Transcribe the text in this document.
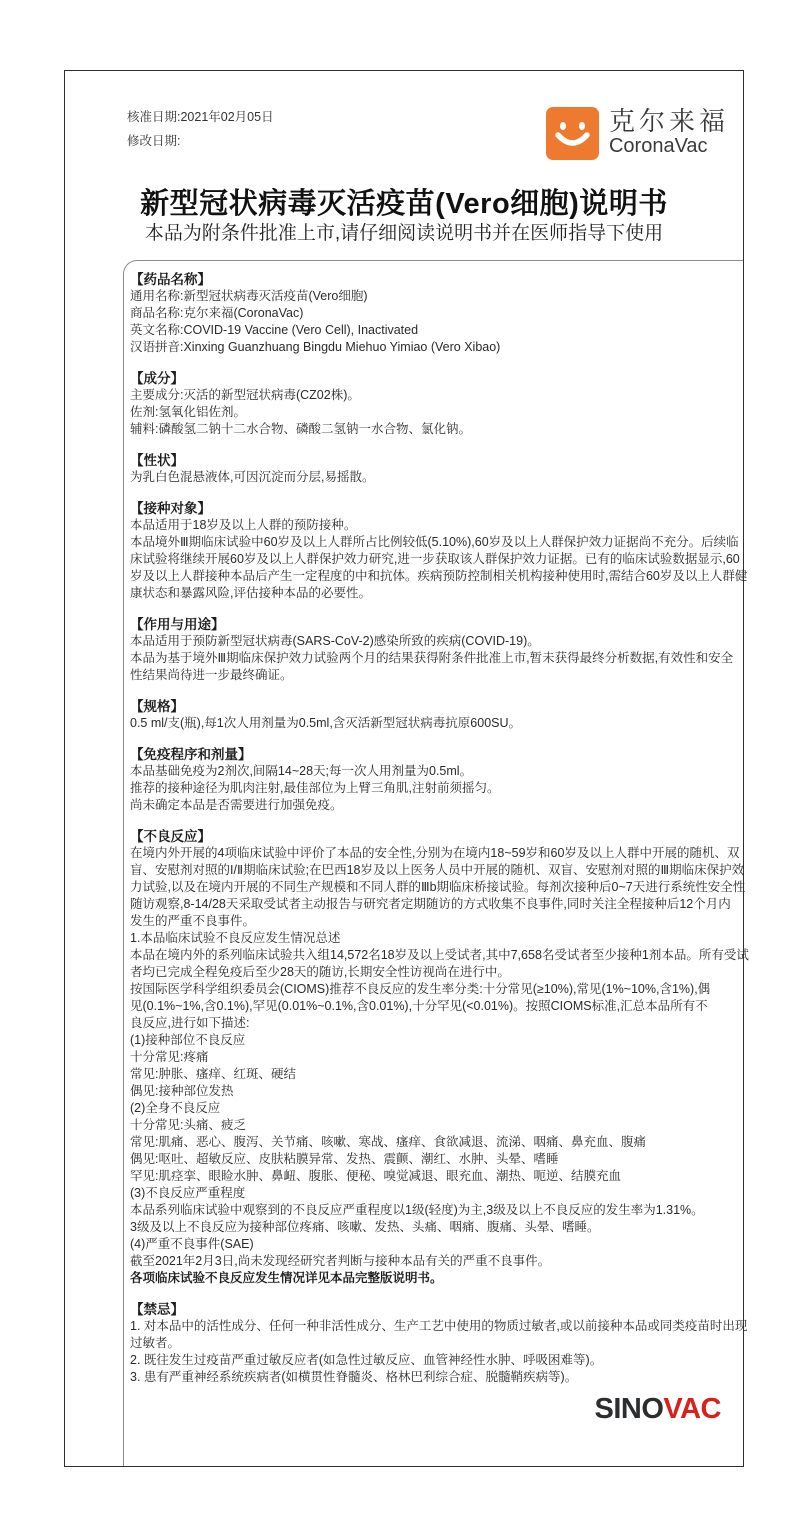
核准日期:2021年02月05日
修改日期:
克尔来福
CoronaVac
新型冠状病毒灭活疫苗(Vero细胞)说明书
本品为附条件批准上市,请仔细阅读说明书并在医师指导下使用
【药品名称】
通用名称:新型冠状病毒灭活疫苗(Vero细胞)
商品名称:克尔来福(CoronaVac)
英文名称:COVID-19 Vaccine (Vero Cell), Inactivated
汉语拼音:Xinxing Guanzhuang Bingdu Miehuo Yimiao (Vero Xibao)
【成分】
主要成分:灭活的新型冠状病毒(CZ02株)。
佐剂:氢氧化铝佐剂。
辅料:磷酸氢二钠十二水合物、磷酸二氢钠一水合物、氯化钠。
【性状】
为乳白色混悬液体,可因沉淀而分层,易摇散。
【接种对象】
本品适用于18岁及以上人群的预防接种。
本品境外Ⅲ期临床试验中60岁及以上人群所占比例较低(5.10%),60岁及以上人群保护效力证据尚不充分。后续临
床试验将继续开展60岁及以上人群保护效力研究,进一步获取该人群保护效力证据。已有的临床试验数据显示,60
岁及以上人群接种本品后产生一定程度的中和抗体。疾病预防控制相关机构接种使用时,需结合60岁及以上人群健
康状态和暴露风险,评估接种本品的必要性。
【作用与用途】
本品适用于预防新型冠状病毒(SARS-CoV-2)感染所致的疾病(COVID-19)。
本品为基于境外Ⅲ期临床保护效力试验两个月的结果获得附条件批准上市,暂未获得最终分析数据,有效性和安全
性结果尚待进一步最终确证。
【规格】
0.5 ml/支(瓶),每1次人用剂量为0.5ml,含灭活新型冠状病毒抗原600SU。
【免疫程序和剂量】
本品基础免疫为2剂次,间隔14~28天;每一次人用剂量为0.5ml。
推荐的接种途径为肌肉注射,最佳部位为上臂三角肌,注射前须摇匀。
尚未确定本品是否需要进行加强免疫。
【不良反应】
在境内外开展的4项临床试验中评价了本品的安全性,分别为在境内18~59岁和60岁及以上人群中开展的随机、双
盲、安慰剂对照的I/Ⅱ期临床试验;在巴西18岁及以上医务人员中开展的随机、双盲、安慰剂对照的Ⅲ期临床保护效
力试验,以及在境内开展的不同生产规模和不同人群的Ⅲb期临床桥接试验。每剂次接种后0~7天进行系统性安全性
随访观察,8-14/28天采取受试者主动报告与研究者定期随访的方式收集不良事件,同时关注全程接种后12个月内
发生的严重不良事件。
1.本品临床试验不良反应发生情况总述
本品在境内外的系列临床试验共入组14,572名18岁及以上受试者,其中7,658名受试者至少接种1剂本品。所有受试
者均已完成全程免疫后至少28天的随访,长期安全性访视尚在进行中。
按国际医学科学组织委员会(CIOMS)推荐不良反应的发生率分类:十分常见(≥10%),常见(1%~10%,含1%),偶
见(0.1%~1%,含0.1%),罕见(0.01%~0.1%,含0.01%),十分罕见(<0.01%)。按照CIOMS标准,汇总本品所有不
良反应,进行如下描述:
(1)接种部位不良反应
十分常见:疼痛
常见:肿胀、瘙痒、红斑、硬结
偶见:接种部位发热
(2)全身不良反应
十分常见:头痛、疲乏
常见:肌痛、恶心、腹泻、关节痛、咳嗽、寒战、瘙痒、食欲减退、流涕、咽痛、鼻充血、腹痛
偶见:呕吐、超敏反应、皮肤粘膜异常、发热、震颤、潮红、水肿、头晕、嗜睡
罕见:肌痉挛、眼睑水肿、鼻衄、腹胀、便秘、嗅觉减退、眼充血、潮热、呃逆、结膜充血
(3)不良反应严重程度
本品系列临床试验中观察到的不良反应严重程度以1级(轻度)为主,3级及以上不良反应的发生率为1.31%。
3级及以上不良反应为接种部位疼痛、咳嗽、发热、头痛、咽痛、腹痛、头晕、嗜睡。
(4)严重不良事件(SAE)
截至2021年2月3日,尚未发现经研究者判断与接种本品有关的严重不良事件。
各项临床试验不良反应发生情况详见本品完整版说明书。
【禁忌】
1. 对本品中的活性成分、任何一种非活性成分、生产工艺中使用的物质过敏者,或以前接种本品或同类疫苗时出现
过敏者。
2. 既往发生过疫苗严重过敏反应者(如急性过敏反应、血管神经性水肿、呼吸困难等)。
3. 患有严重神经系统疾病者(如横贯性脊髓炎、格林巴利综合症、脱髓鞘疾病等)。
SINOVAC
